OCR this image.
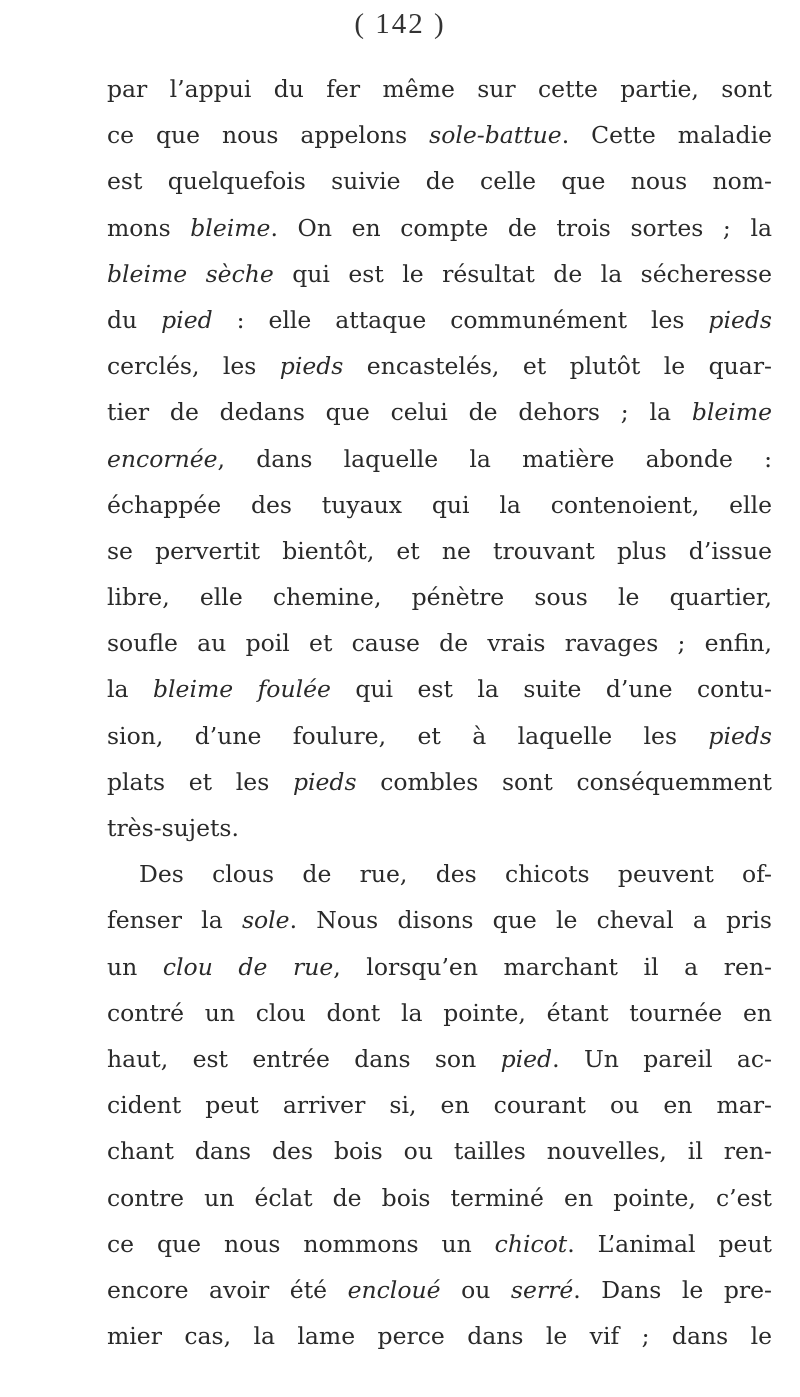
( 142 )
par l’appui du fer même sur cette partie, sont
ce que nous appelons sole-battue. Cette maladie
est quelquefois suivie de celle que nous nom-
mons bleime. On en compte de trois sortes ; la
bleime sèche qui est le résultat de la sécheresse
du pied : elle attaque communément les pieds
cerclés, les pieds encastelés, et plutôt le quar-
tier de dedans que celui de dehors ; la bleime
encornée, dans laquelle la matière abonde :
échappée des tuyaux qui la contenoient, elle
se pervertit bientôt, et ne trouvant plus d’issue
libre, elle chemine, pénètre sous le quartier,
soufle au poil et cause de vrais ravages ; enfin,
la bleime foulée qui est la suite d’une contu-
sion, d’une foulure, et à laquelle les pieds
plats et les pieds combles sont conséquemment
très-sujets.
Des clous de rue, des chicots peuvent of-
fenser la sole. Nous disons que le cheval a pris
un clou de rue, lorsqu’en marchant il a ren-
contré un clou dont la pointe, étant tournée en
haut, est entrée dans son pied. Un pareil ac-
cident peut arriver si, en courant ou en mar-
chant dans des bois ou tailles nouvelles, il ren-
contre un éclat de bois terminé en pointe, c’est
ce que nous nommons un chicot. L’animal peut
encore avoir été encloué ou serré. Dans le pre-
mier cas, la lame perce dans le vif ; dans le
